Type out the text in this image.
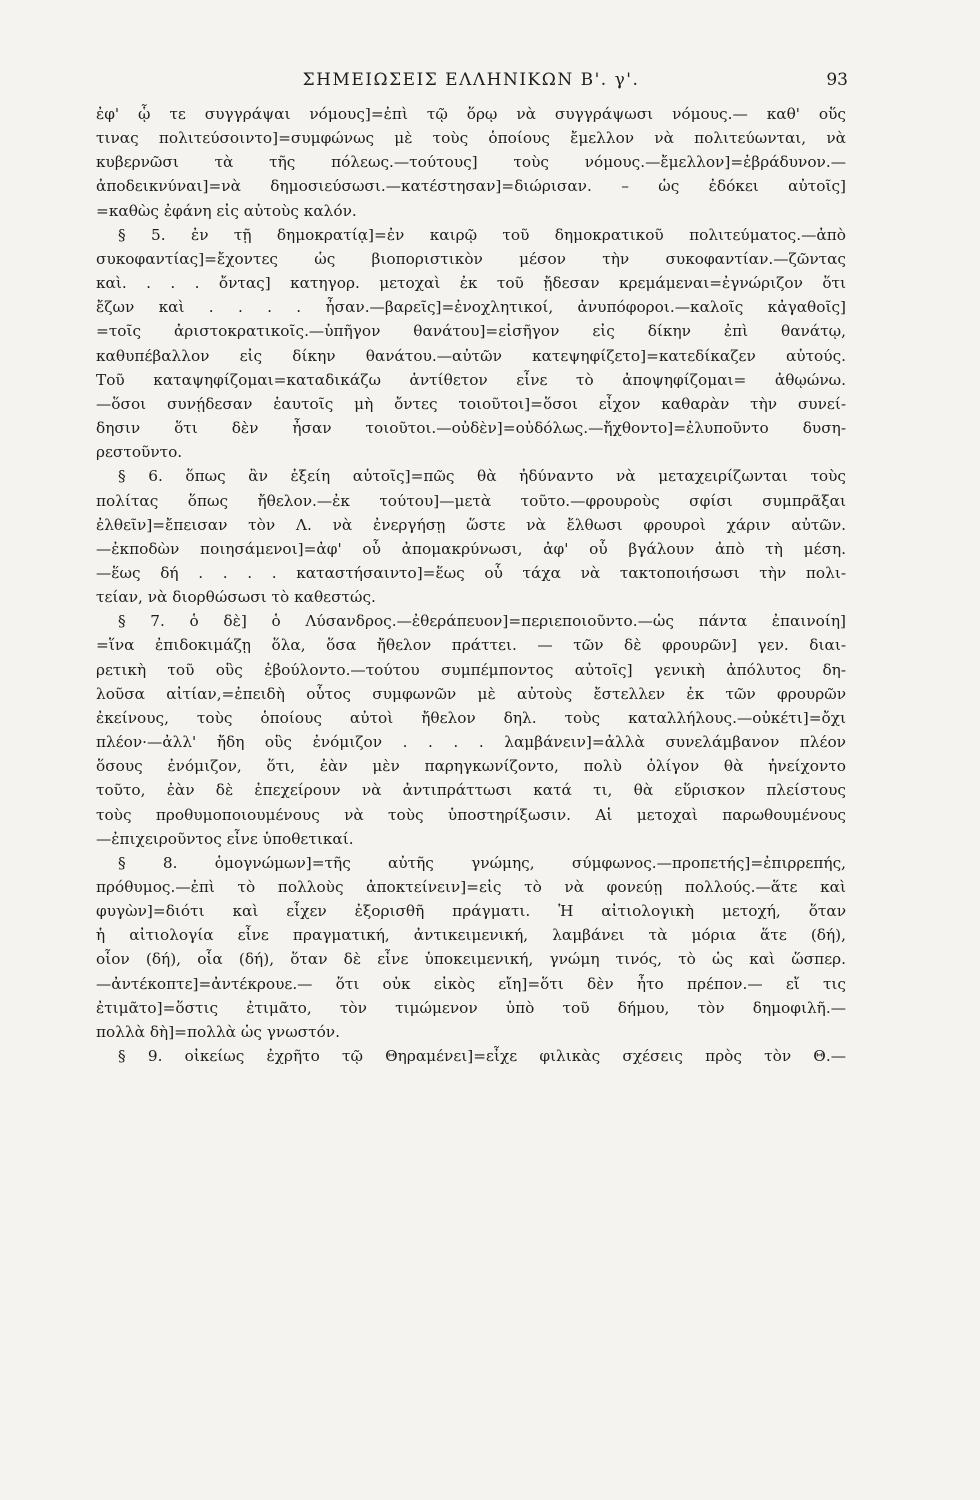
ΣΗΜΕΙΩΣΕΙΣ ΕΛΛΗΝΙΚΩΝ Β'. γ'.	93
ἐφ' ᾧ τε συγγράψαι νόμους]=ἐπὶ τῷ ὅρῳ νὰ συγγράψωσι νόμους.— καθ' οὕς
τινας πολιτεύσοιντο]=συμφώνως μὲ τοὺς ὁποίους ἔμελλον νὰ πολιτεύωνται, νὰ
κυβερνῶσι τὰ τῆς πόλεως.—τούτους] τοὺς νόμους.—ἔμελλον]=ἐβράδυνον.—
ἀποδεικνύναι]=νὰ δημοσιεύσωσι.—κατέστησαν]=διώρισαν. – ὡς ἐδόκει αὐτοῖς]
=καθὼς ἐφάνη εἰς αὐτοὺς καλόν.
§ 5. ἐν τῇ δημοκρατίᾳ]=ἐν καιρῷ τοῦ δημοκρατικοῦ πολιτεύματος.—ἀπὸ
συκοφαντίας]=ἔχοντες ὡς βιοποριστικὸν μέσον τὴν συκοφαντίαν.—ζῶντας
καὶ. . . . ὄντας] κατηγορ. μετοχαὶ ἐκ τοῦ ᾔδεσαν κρεμάμεναι=ἐγνώριζον ὅτι
ἔζων καὶ . . . . ἦσαν.—βαρεῖς]=ἐνοχλητικοί, ἀνυπόφοροι.—καλοῖς κἀγαθοῖς]
=τοῖς ἀριστοκρατικοῖς.—ὑπῆγον θανάτου]=εἰσῆγον εἰς δίκην ἐπὶ θανάτῳ,
καθυπέβαλλον εἰς δίκην θανάτου.—αὐτῶν κατεψηφίζετο]=κατεδίκαζεν αὐτούς.
Τοῦ καταψηφίζομαι=καταδικάζω ἀντίθετον εἶνε τὸ ἀποψηφίζομαι= ἀθῳώνω.
—ὅσοι συνῄδεσαν ἑαυτοῖς μὴ ὄντες τοιοῦτοι]=ὅσοι εἶχον καθαρὰν τὴν συνεί-
δησιν ὅτι δὲν ἦσαν τοιοῦτοι.—οὐδὲν]=οὐδόλως.—ἤχθοντο]=ἐλυποῦντο δυση-
ρεστοῦντο.
§ 6. ὅπως ἂν ἐξείη αὐτοῖς]=πῶς θὰ ἠδύναντο νὰ μεταχειρίζωνται τοὺς
πολίτας ὅπως ἤθελον.—ἐκ τούτου]—μετὰ τοῦτο.—φρουροὺς σφίσι συμπρᾶξαι
ἐλθεῖν]=ἔπεισαν τὸν Λ. νὰ ἐνεργήσῃ ὥστε νὰ ἔλθωσι φρουροὶ χάριν αὐτῶν.
—ἐκποδὼν ποιησάμενοι]=ἀφ' οὗ ἀπομακρύνωσι, ἀφ' οὗ βγάλουν ἀπὸ τὴ μέση.
—ἕως δή . . . . καταστήσαιντο]=ἕως οὗ τάχα νὰ τακτοποιήσωσι τὴν πολι-
τείαν, νὰ διορθώσωσι τὸ καθεστώς.
§ 7. ὁ δὲ] ὁ Λύσανδρος.—ἐθεράπευον]=περιεποιοῦντο.—ὡς πάντα ἐπαινοίη]
=ἵνα ἐπιδοκιμάζῃ ὅλα, ὅσα ἤθελον πράττει. — τῶν δὲ φρουρῶν] γεν. διαι-
ρετικὴ τοῦ οὓς ἐβούλοντο.—τούτου συμπέμποντος αὐτοῖς] γενικὴ ἀπόλυτος δη-
λοῦσα αἰτίαν,=ἐπειδὴ οὗτος συμφωνῶν μὲ αὐτοὺς ἔστελλεν ἐκ τῶν φρουρῶν
ἐκείνους, τοὺς ὁποίους αὐτοὶ ἤθελον δηλ. τοὺς καταλλήλους.—οὐκέτι]=ὄχι
πλέον·—ἀλλ' ἤδη οὓς ἐνόμιζον . . . . λαμβάνειν]=ἀλλὰ συνελάμβανον πλέον
ὅσους ἐνόμιζον, ὅτι, ἐὰν μὲν παρηγκωνίζοντο, πολὺ ὀλίγον θὰ ἠνείχοντο
τοῦτο, ἐὰν δὲ ἐπεχείρουν νὰ ἀντιπράττωσι κατά τι, θὰ εὕρισκον πλείστους
τοὺς προθυμοποιουμένους νὰ τοὺς ὑποστηρίξωσιν. Αἱ μετοχαὶ παρωθουμένους
—ἐπιχειροῦντος εἶνε ὑποθετικαί.
§ 8. ὁμογνώμων]=τῆς αὐτῆς γνώμης, σύμφωνος.—προπετής]=ἐπιρρεπής,
πρόθυμος.—ἐπὶ τὸ πολλοὺς ἀποκτείνειν]=εἰς τὸ νὰ φονεύῃ πολλούς.—ἅτε καὶ
φυγὼν]=διότι καὶ εἶχεν ἐξορισθῆ πράγματι. Ἡ αἰτιολογικὴ μετοχή, ὅταν
ἡ αἰτιολογία εἶνε πραγματική, ἀντικειμενική, λαμβάνει τὰ μόρια ἅτε (δή),
οἷον (δή), οἷα (δή), ὅταν δὲ εἶνε ὑποκειμενική, γνώμη τινός, τὸ ὡς καὶ ὥσπερ.
—ἀντέκοπτε]=ἀντέκρουε.— ὅτι οὐκ εἰκὸς εἴη]=ὅτι δὲν ἦτο πρέπον.— εἴ τις
ἐτιμᾶτο]=ὅστις ἐτιμᾶτο, τὸν τιμώμενον ὑπὸ τοῦ δήμου, τὸν δημοφιλῆ.—
πολλὰ δὴ]=πολλὰ ὡς γνωστόν.
§ 9. οἰκείως ἐχρῆτο τῷ Θηραμένει]=εἶχε φιλικὰς σχέσεις πρὸς τὸν Θ.—
